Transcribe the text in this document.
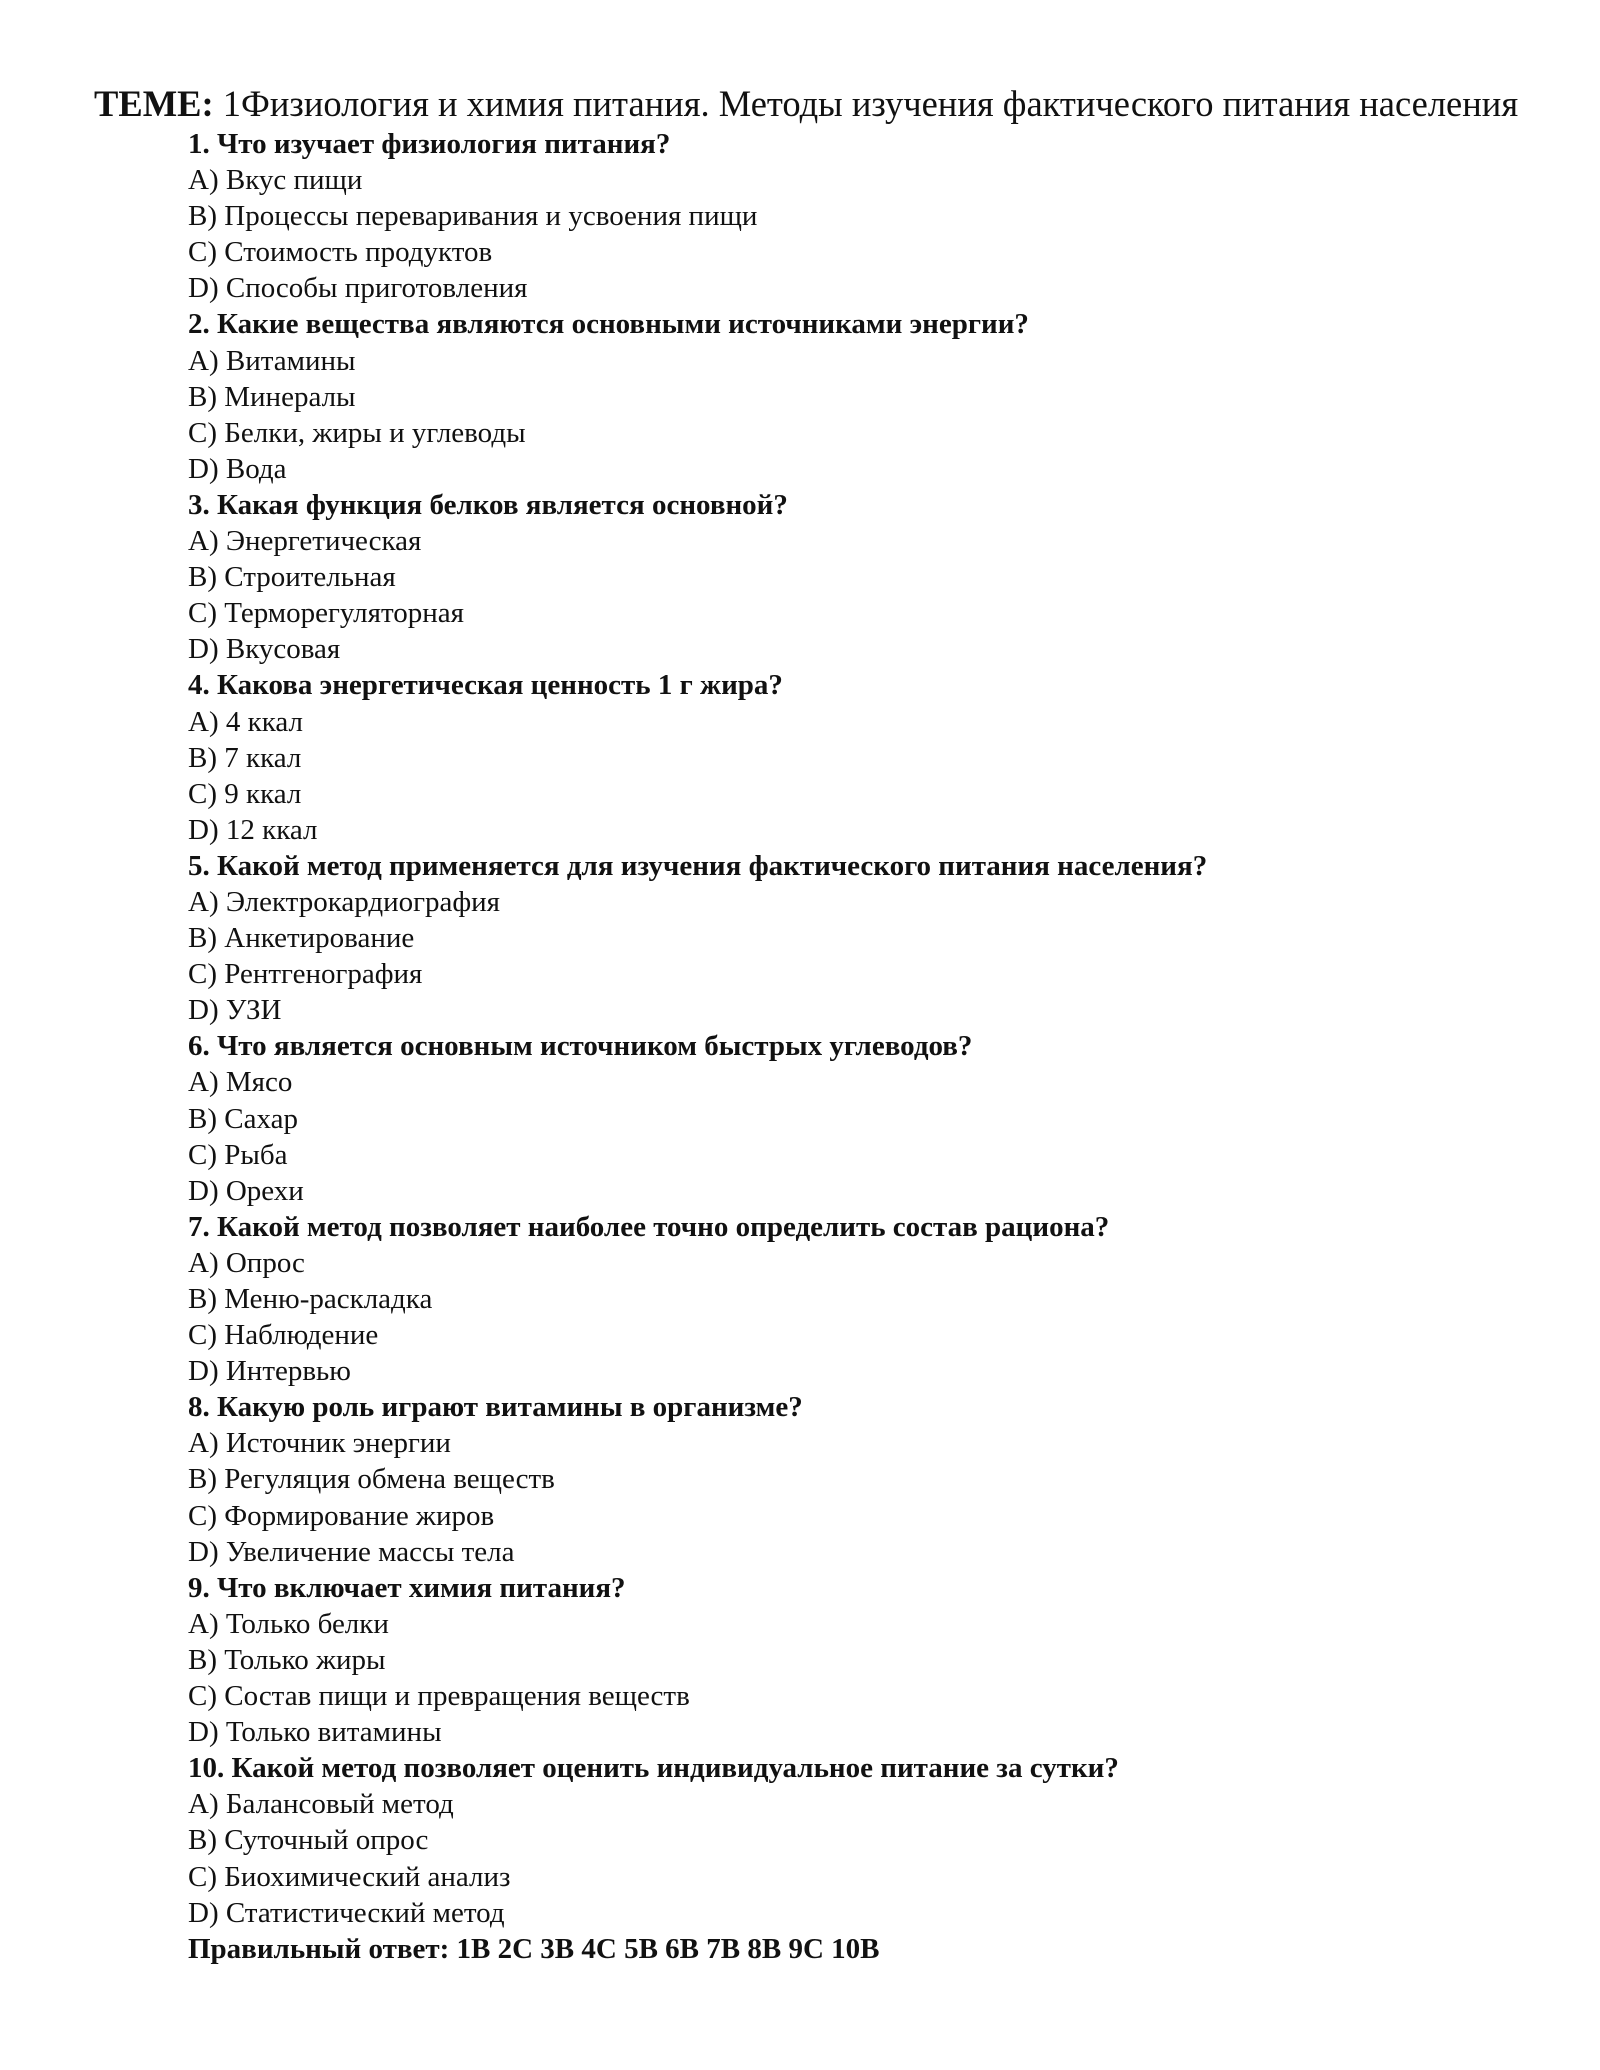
ТЕМЕ: 1Физиология и химия питания. Методы изучения фактического питания населения
1. Что изучает физиология питания?
А) Вкус пищи
B) Процессы переваривания и усвоения пищи
C) Стоимость продуктов
D) Способы приготовления
2. Какие вещества являются основными источниками энергии?
А) Витамины
B) Минералы
C) Белки, жиры и углеводы
D) Вода
3. Какая функция белков является основной?
А) Энергетическая
B) Строительная
C) Терморегуляторная
D) Вкусовая
4. Какова энергетическая ценность 1 г жира?
А) 4 ккал
B) 7 ккал
C) 9 ккал
D) 12 ккал
5. Какой метод применяется для изучения фактического питания населения?
А) Электрокардиография
B) Анкетирование
C) Рентгенография
D) УЗИ
6. Что является основным источником быстрых углеводов?
А) Мясо
B) Сахар
C) Рыба
D) Орехи
7. Какой метод позволяет наиболее точно определить состав рациона?
А) Опрос
B) Меню-раскладка
C) Наблюдение
D) Интервью
8. Какую роль играют витамины в организме?
А) Источник энергии
B) Регуляция обмена веществ
C) Формирование жиров
D) Увеличение массы тела
9. Что включает химия питания?
А) Только белки
B) Только жиры
C) Состав пищи и превращения веществ
D) Только витамины
10. Какой метод позволяет оценить индивидуальное питание за сутки?
А) Балансовый метод
B) Суточный опрос
C) Биохимический анализ
D) Статистический метод
Правильный ответ: 1B 2C 3B 4C 5B 6B 7B 8B 9C 10B
